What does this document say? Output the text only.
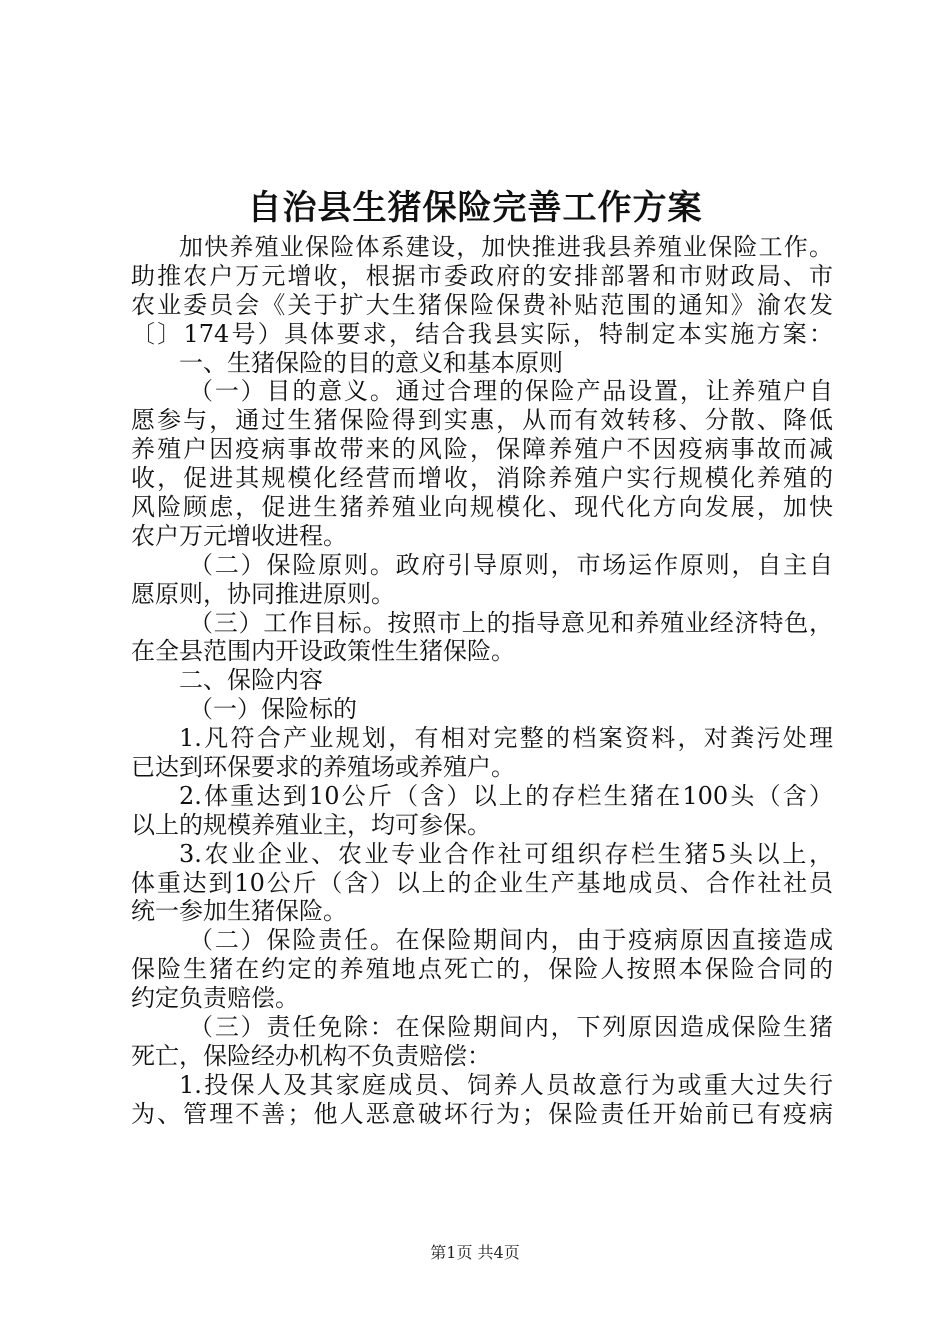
自治县生猪保险完善工作方案
加快养殖业保险体系建设，加快推进我县养殖业保险工作。
助推农户万元增收，根据市委政府的安排部署和市财政局、市
农业委员会《关于扩大生猪保险保费补贴范围的通知》渝农发
〔〕174号）具体要求，结合我县实际，特制定本实施方案：
一、生猪保险的目的意义和基本原则
（一）目的意义。通过合理的保险产品设置，让养殖户自
愿参与，通过生猪保险得到实惠，从而有效转移、分散、降低
养殖户因疫病事故带来的风险，保障养殖户不因疫病事故而减
收，促进其规模化经营而增收，消除养殖户实行规模化养殖的
风险顾虑，促进生猪养殖业向规模化、现代化方向发展，加快
农户万元增收进程。
（二）保险原则。政府引导原则，市场运作原则，自主自
愿原则，协同推进原则。
（三）工作目标。按照市上的指导意见和养殖业经济特色，
在全县范围内开设政策性生猪保险。
二、保险内容
（一）保险标的
1.凡符合产业规划，有相对完整的档案资料，对粪污处理
已达到环保要求的养殖场或养殖户。
2.体重达到10公斤（含）以上的存栏生猪在100头（含）
以上的规模养殖业主，均可参保。
3.农业企业、农业专业合作社可组织存栏生猪5头以上，
体重达到10公斤（含）以上的企业生产基地成员、合作社社员
统一参加生猪保险。
（二）保险责任。在保险期间内，由于疫病原因直接造成
保险生猪在约定的养殖地点死亡的，保险人按照本保险合同的
约定负责赔偿。
（三）责任免除：在保险期间内，下列原因造成保险生猪
死亡，保险经办机构不负责赔偿：
1.投保人及其家庭成员、饲养人员故意行为或重大过失行
为、管理不善；他人恶意破坏行为；保险责任开始前已有疫病
第1页 共4页
